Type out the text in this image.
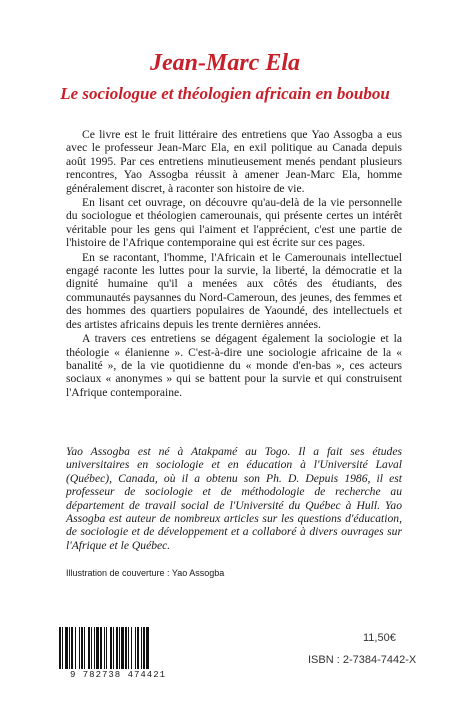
Jean-Marc Ela
Le sociologue et théologien africain en boubou

Ce livre est le fruit littéraire des entretiens que Yao Assogba a eus avec le professeur Jean-Marc Ela, en exil politique au Canada depuis août 1995. Par ces entretiens minutieusement menés pendant plusieurs rencontres, Yao Assogba réussit à amener Jean-Marc Ela, homme généralement discret, à raconter son histoire de vie.

En lisant cet ouvrage, on découvre qu'au-delà de la vie personnelle du sociologue et théologien camerounais, qui présente certes un intérêt véritable pour les gens qui l'aiment et l'apprécient, c'est une partie de l'histoire de l'Afrique contemporaine qui est écrite sur ces pages.

En se racontant, l'homme, l'Africain et le Camerounais intellectuel engagé raconte les luttes pour la survie, la liberté, la démocratie et la dignité humaine qu'il a menées aux côtés des étudiants, des communautés paysannes du Nord-Cameroun, des jeunes, des femmes et des hommes des quartiers populaires de Yaoundé, des intellectuels et des artistes africains depuis les trente dernières années.

A travers ces entretiens se dégagent également la sociologie et la théologie « élanienne ». C'est-à-dire une sociologie africaine de la « banalité », de la vie quotidienne du « monde d'en-bas », ces acteurs sociaux « anonymes » qui se battent pour la survie et qui construisent l'Afrique contemporaine.

Yao Assogba est né à Atakpamé au Togo. Il a fait ses études universitaires en sociologie et en éducation à l'Université Laval (Québec), Canada, où il a obtenu son Ph. D. Depuis 1986, il est professeur de sociologie et de méthodologie de recherche au département de travail social de l'Université du Québec à Hull. Yao Assogba est auteur de nombreux articles sur les questions d'éducation, de sociologie et de développement et a collaboré à divers ouvrages sur l'Afrique et le Québec.
Illustration de couverture : Yao Assogba
9 782738 474421
11,50€
ISBN : 2-7384-7442-X
